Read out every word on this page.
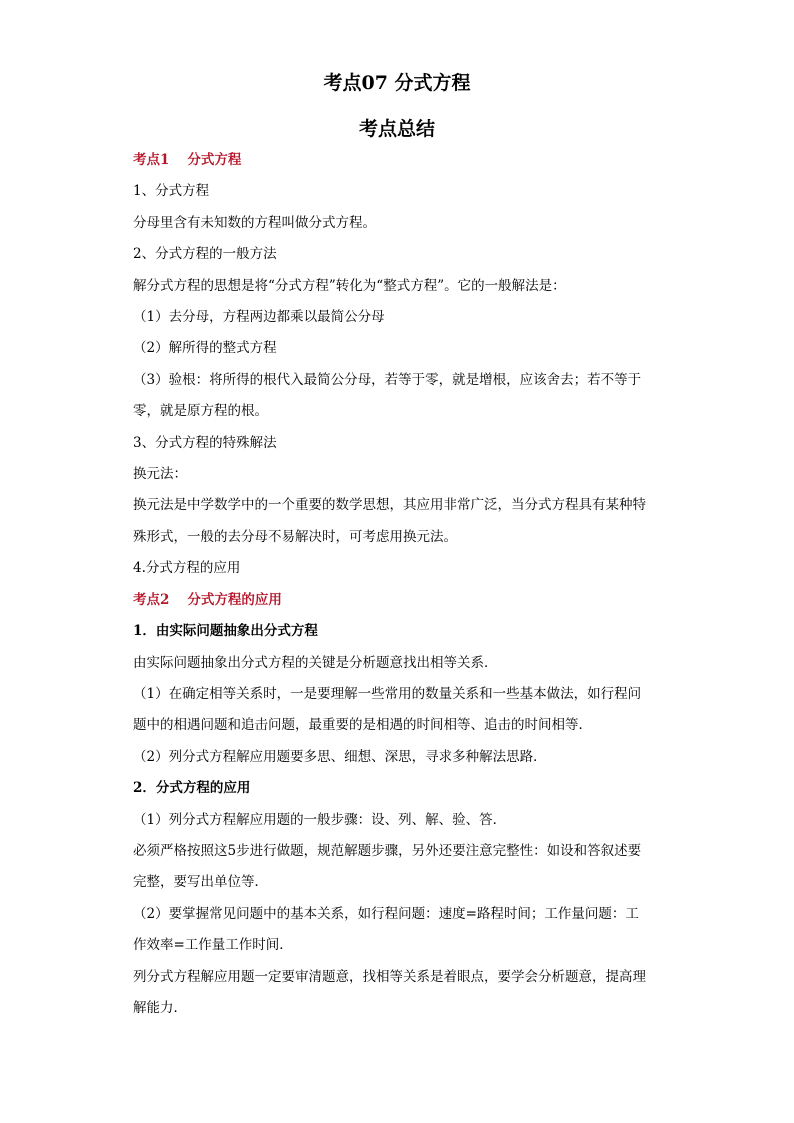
考点07 分式方程
考点总结

考点1 分式方程

1、分式方程

分母里含有未知数的方程叫做分式方程。

2、分式方程的一般方法

解分式方程的思想是将“分式方程”转化为“整式方程”。它的一般解法是：

（1）去分母，方程两边都乘以最简公分母

（2）解所得的整式方程

（3）验根：将所得的根代入最简公分母，若等于零，就是增根，应该舍去；若不等于

零，就是原方程的根。

3、分式方程的特殊解法

换元法：

换元法是中学数学中的一个重要的数学思想，其应用非常广泛，当分式方程具有某种特

殊形式，一般的去分母不易解决时，可考虑用换元法。

4.分式方程的应用

考点2 分式方程的应用

1．由实际问题抽象出分式方程

由实际问题抽象出分式方程的关键是分析题意找出相等关系．

（1）在确定相等关系时，一是要理解一些常用的数量关系和一些基本做法，如行程问

题中的相遇问题和追击问题，最重要的是相遇的时间相等、追击的时间相等．

（2）列分式方程解应用题要多思、细想、深思，寻求多种解法思路．

2．分式方程的应用

（1）列分式方程解应用题的一般步骤：设、列、解、验、答．

必须严格按照这5步进行做题，规范解题步骤，另外还要注意完整性：如设和答叙述要

完整，要写出单位等．

（2）要掌握常见问题中的基本关系，如行程问题：速度=路程时间；工作量问题：工

作效率=工作量工作时间．

列分式方程解应用题一定要审清题意，找相等关系是着眼点，要学会分析题意，提高理

解能力．
